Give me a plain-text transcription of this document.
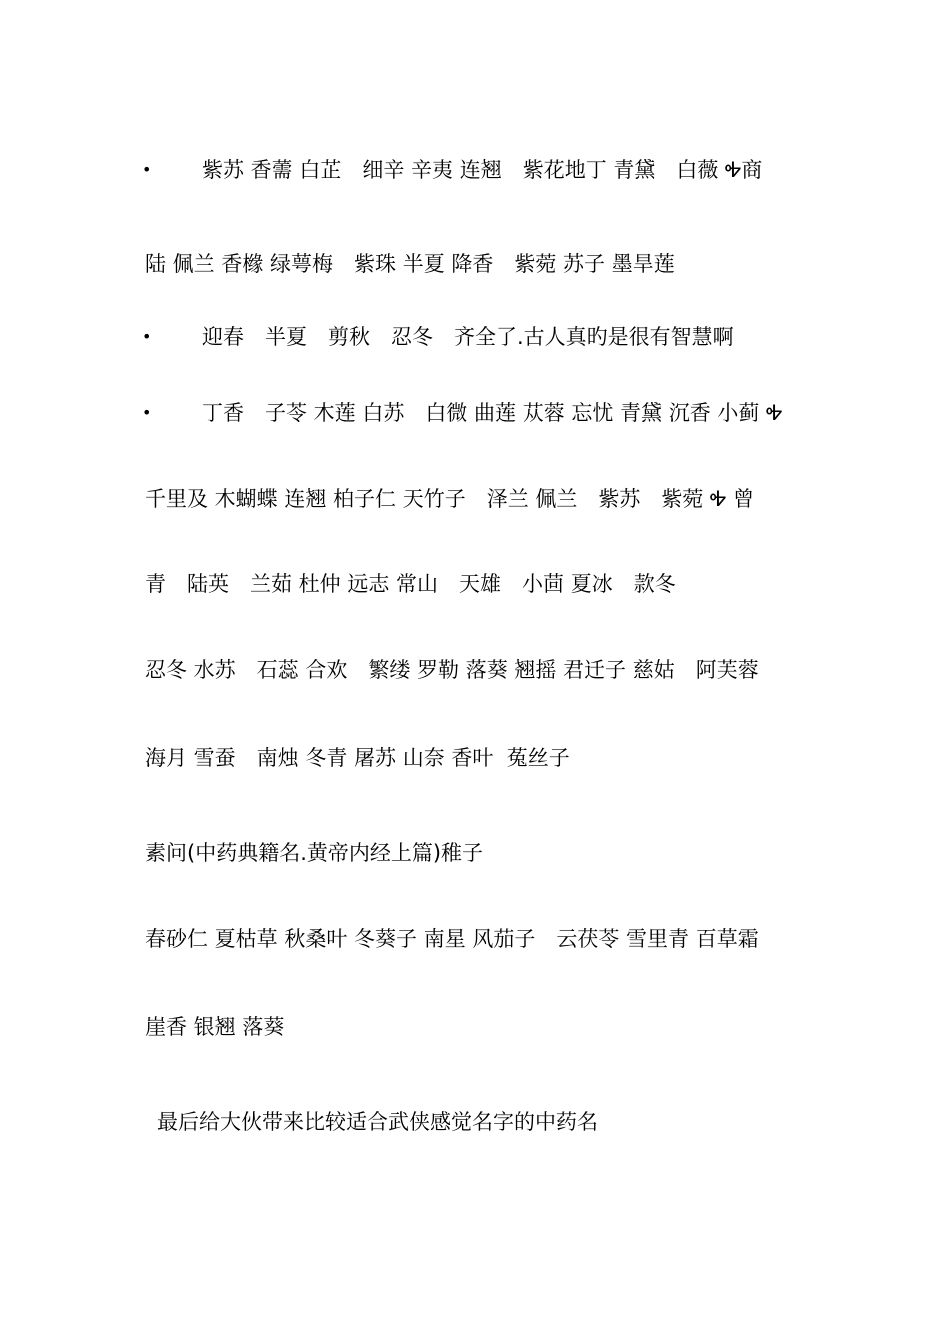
• 紫苏 香薷 白芷　细辛 辛夷 连翘　紫花地丁 青黛　白薇 Ꭽ商
陆 佩兰 香橼 绿萼梅　紫珠 半夏 降香　紫菀 苏子 墨旱莲
• 迎春　半夏　剪秋　忍冬　齐全了.古人真旳是很有智慧啊
• 丁香　子苓 木莲 白苏　白微 曲莲 苁蓉 忘忧 青黛 沉香 小蓟 Ꭽ
千里及 木蝴蝶 连翘 柏子仁 天竹子　泽兰 佩兰　紫苏　紫菀 Ꭽ 曾
青　陆英　兰茹 杜仲 远志 常山　天雄　小茴 夏冰　款冬
忍冬 水苏　石蕊 合欢　繁缕 罗勒 落葵 翘摇 君迁子 慈姑　阿芙蓉
海月 雪蚕　南烛 冬青 屠苏 山奈 香叶  菟丝子
素问(中药典籍名.黄帝内经上篇)稚子
春砂仁 夏枯草 秋桑叶 冬葵子 南星 风茄子　云茯苓 雪里青 百草霜
崖香 银翘 落葵
最后给大伙带来比较适合武侠感觉名字的中药名
